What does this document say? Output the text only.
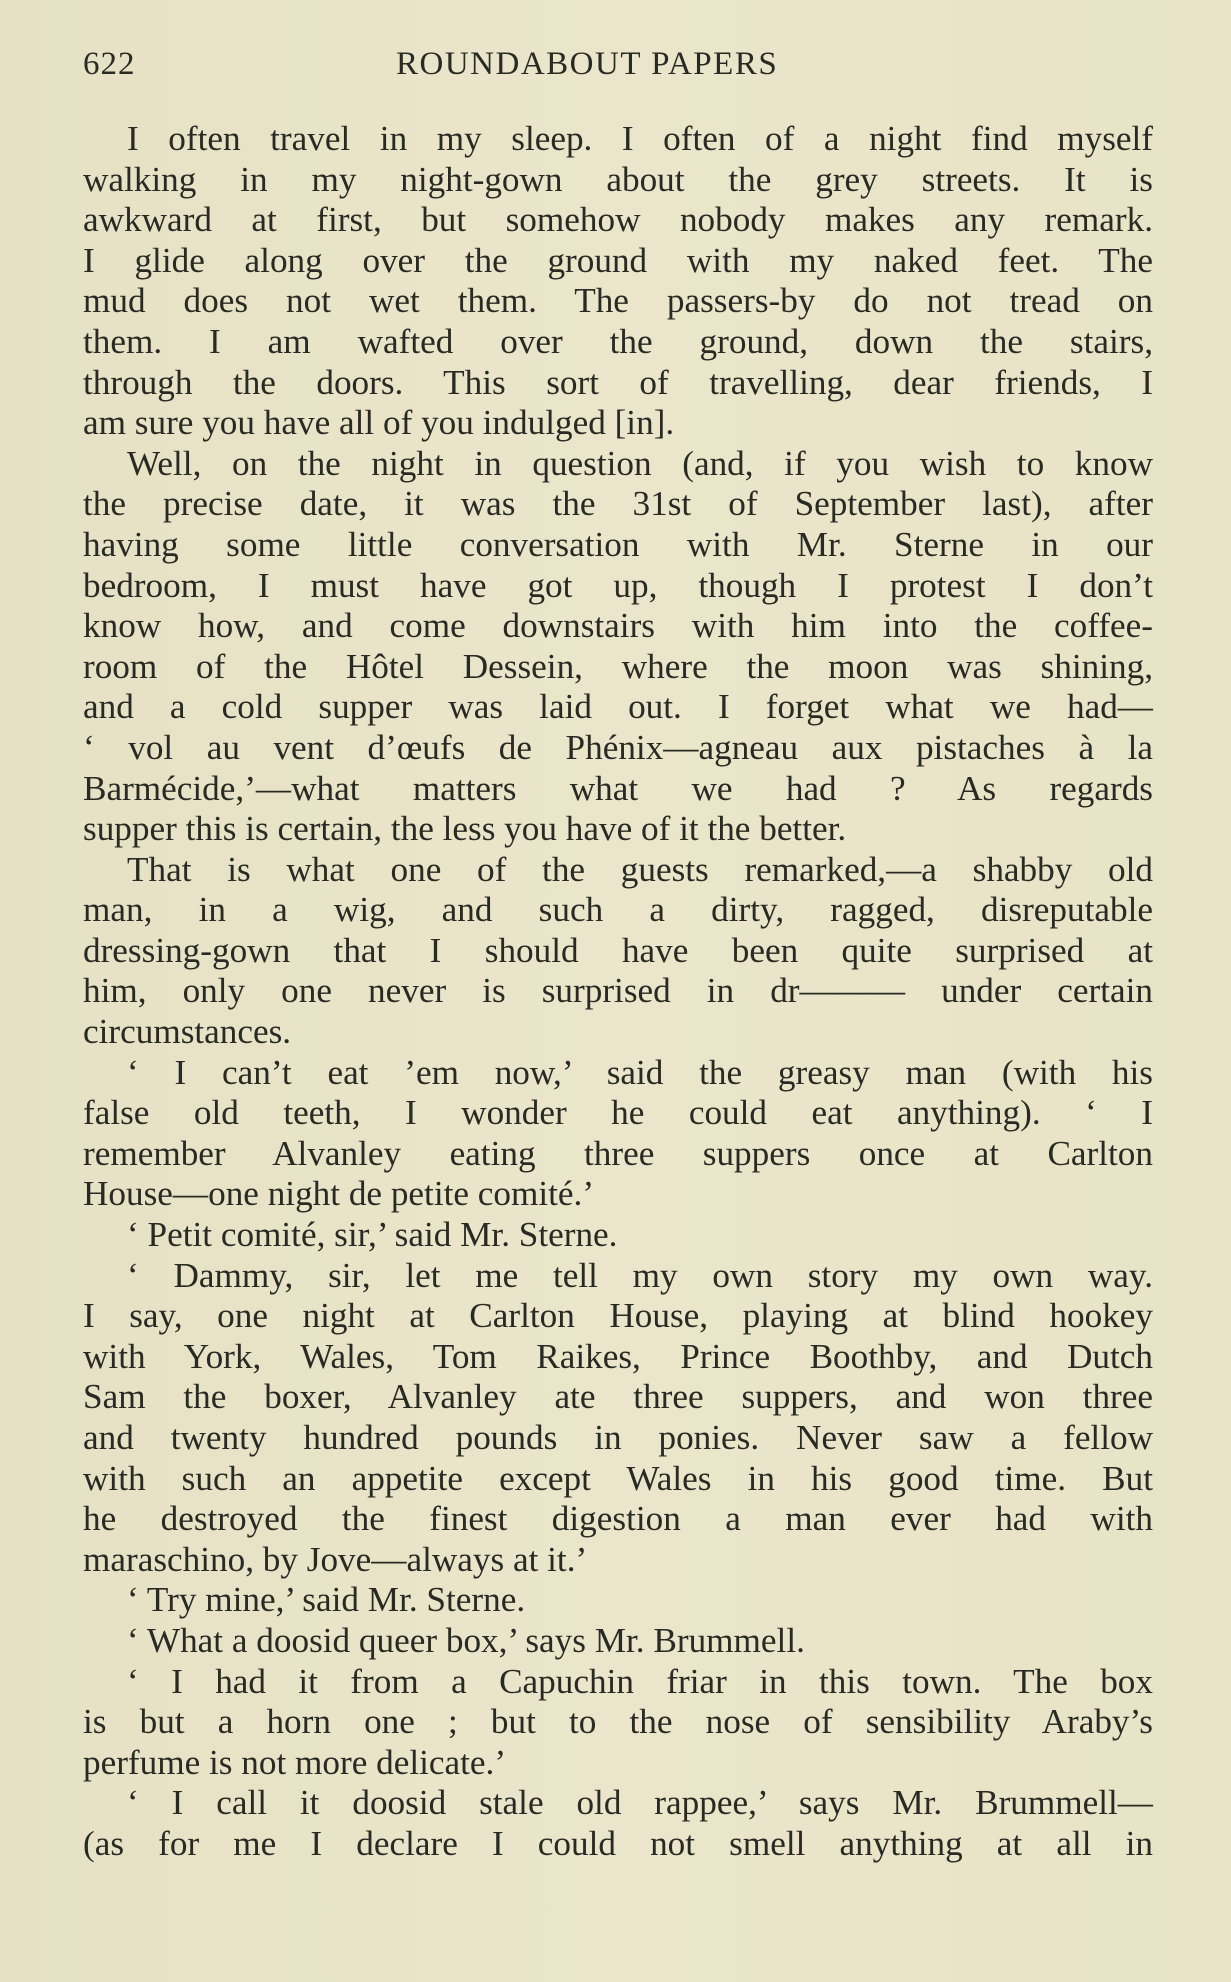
622	ROUNDABOUT PAPERS
I often travel in my sleep. I often of a night find myself
walking in my night-gown about the grey streets. It is
awkward at first, but somehow nobody makes any remark.
I glide along over the ground with my naked feet. The
mud does not wet them. The passers-by do not tread on
them. I am wafted over the ground, down the stairs,
through the doors. This sort of travelling, dear friends, I
am sure you have all of you indulged [in].
Well, on the night in question (and, if you wish to know
the precise date, it was the 31st of September last), after
having some little conversation with Mr. Sterne in our
bedroom, I must have got up, though I protest I don’t
know how, and come downstairs with him into the coffee-
room of the Hôtel Dessein, where the moon was shining,
and a cold supper was laid out. I forget what we had—
‘ vol au vent d’œufs de Phénix—agneau aux pistaches à la
Barmécide,’—what matters what we had ? As regards
supper this is certain, the less you have of it the better.
That is what one of the guests remarked,—a shabby old
man, in a wig, and such a dirty, ragged, disreputable
dressing-gown that I should have been quite surprised at
him, only one never is surprised in dr——— under certain
circumstances.
‘ I can’t eat ’em now,’ said the greasy man (with his
false old teeth, I wonder he could eat anything). ‘ I
remember Alvanley eating three suppers once at Carlton
House—one night de petite comité.’
‘ Petit comité, sir,’ said Mr. Sterne.
‘ Dammy, sir, let me tell my own story my own way.
I say, one night at Carlton House, playing at blind hookey
with York, Wales, Tom Raikes, Prince Boothby, and Dutch
Sam the boxer, Alvanley ate three suppers, and won three
and twenty hundred pounds in ponies. Never saw a fellow
with such an appetite except Wales in his good time. But
he destroyed the finest digestion a man ever had with
maraschino, by Jove—always at it.’
‘ Try mine,’ said Mr. Sterne.
‘ What a doosid queer box,’ says Mr. Brummell.
‘ I had it from a Capuchin friar in this town. The box
is but a horn one ; but to the nose of sensibility Araby’s
perfume is not more delicate.’
‘ I call it doosid stale old rappee,’ says Mr. Brummell—
(as for me I declare I could not smell anything at all in
